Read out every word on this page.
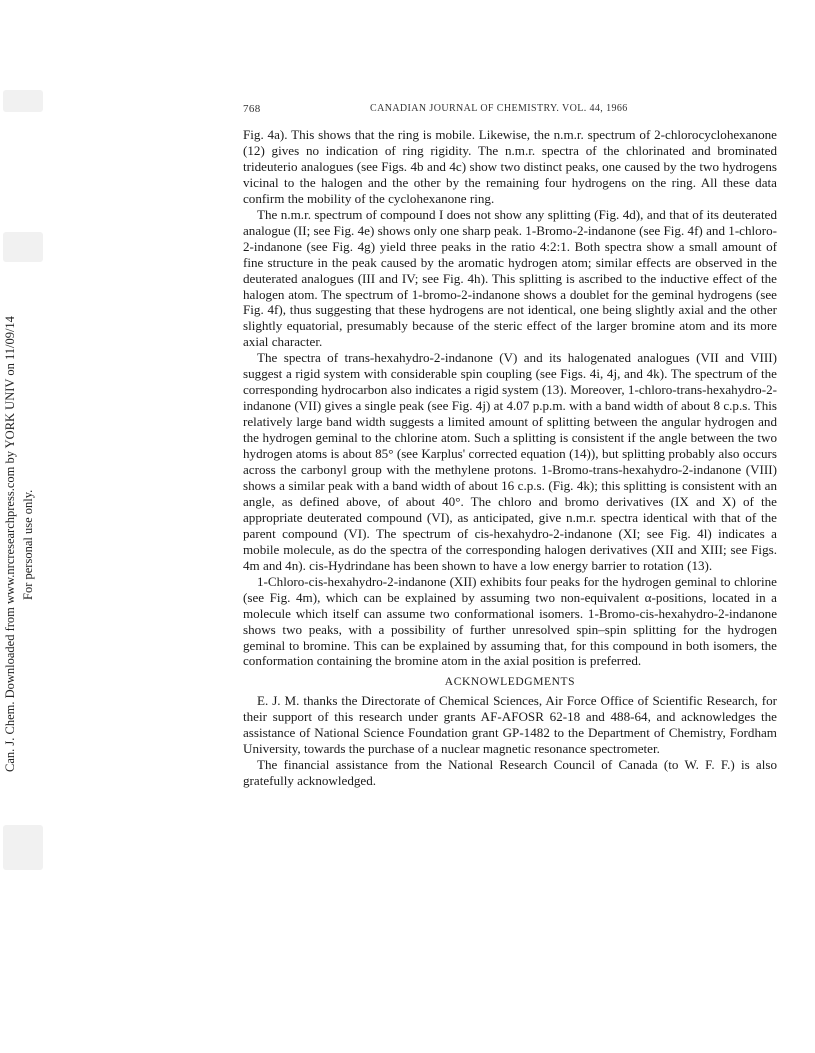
Can. J. Chem. Downloaded from www.nrcresearchpress.com by YORK UNIV on 11/09/14 For personal use only.
768	CANADIAN JOURNAL OF CHEMISTRY. VOL. 44, 1966

Fig. 4a). This shows that the ring is mobile. Likewise, the n.m.r. spectrum of 2-chlorocyclohexanone (12) gives no indication of ring rigidity. The n.m.r. spectra of the chlorinated and brominated trideuterio analogues (see Figs. 4b and 4c) show two distinct peaks, one caused by the two hydrogens vicinal to the halogen and the other by the remaining four hydrogens on the ring. All these data confirm the mobility of the cyclohexanone ring.

The n.m.r. spectrum of compound I does not show any splitting (Fig. 4d), and that of its deuterated analogue (II; see Fig. 4e) shows only one sharp peak. 1-Bromo-2-indanone (see Fig. 4f) and 1-chloro-2-indanone (see Fig. 4g) yield three peaks in the ratio 4:2:1. Both spectra show a small amount of fine structure in the peak caused by the aromatic hydrogen atom; similar effects are observed in the deuterated analogues (III and IV; see Fig. 4h). This splitting is ascribed to the inductive effect of the halogen atom. The spectrum of 1-bromo-2-indanone shows a doublet for the geminal hydrogens (see Fig. 4f), thus suggesting that these hydrogens are not identical, one being slightly axial and the other slightly equatorial, presumably because of the steric effect of the larger bromine atom and its more axial character.

The spectra of trans-hexahydro-2-indanone (V) and its halogenated analogues (VII and VIII) suggest a rigid system with considerable spin coupling (see Figs. 4i, 4j, and 4k). The spectrum of the corresponding hydrocarbon also indicates a rigid system (13). Moreover, 1-chloro-trans-hexahydro-2-indanone (VII) gives a single peak (see Fig. 4j) at 4.07 p.p.m. with a band width of about 8 c.p.s. This relatively large band width suggests a limited amount of splitting between the angular hydrogen and the hydrogen geminal to the chlorine atom. Such a splitting is consistent if the angle between the two hydrogen atoms is about 85° (see Karplus' corrected equation (14)), but splitting probably also occurs across the carbonyl group with the methylene protons. 1-Bromo-trans-hexahydro-2-indanone (VIII) shows a similar peak with a band width of about 16 c.p.s. (Fig. 4k); this splitting is consistent with an angle, as defined above, of about 40°. The chloro and bromo derivatives (IX and X) of the appropriate deuterated compound (VI), as anticipated, give n.m.r. spectra identical with that of the parent compound (VI). The spectrum of cis-hexahydro-2-indanone (XI; see Fig. 4l) indicates a mobile molecule, as do the spectra of the corresponding halogen derivatives (XII and XIII; see Figs. 4m and 4n). cis-Hydrindane has been shown to have a low energy barrier to rotation (13).

1-Chloro-cis-hexahydro-2-indanone (XII) exhibits four peaks for the hydrogen geminal to chlorine (see Fig. 4m), which can be explained by assuming two non-equivalent α-positions, located in a molecule which itself can assume two conformational isomers. 1-Bromo-cis-hexahydro-2-indanone shows two peaks, with a possibility of further unresolved spin–spin splitting for the hydrogen geminal to bromine. This can be explained by assuming that, for this compound in both isomers, the conformation containing the bromine atom in the axial position is preferred.

ACKNOWLEDGMENTS

E. J. M. thanks the Directorate of Chemical Sciences, Air Force Office of Scientific Research, for their support of this research under grants AF-AFOSR 62-18 and 488-64, and acknowledges the assistance of National Science Foundation grant GP-1482 to the Department of Chemistry, Fordham University, towards the purchase of a nuclear magnetic resonance spectrometer.

The financial assistance from the National Research Council of Canada (to W. F. F.) is also gratefully acknowledged.
